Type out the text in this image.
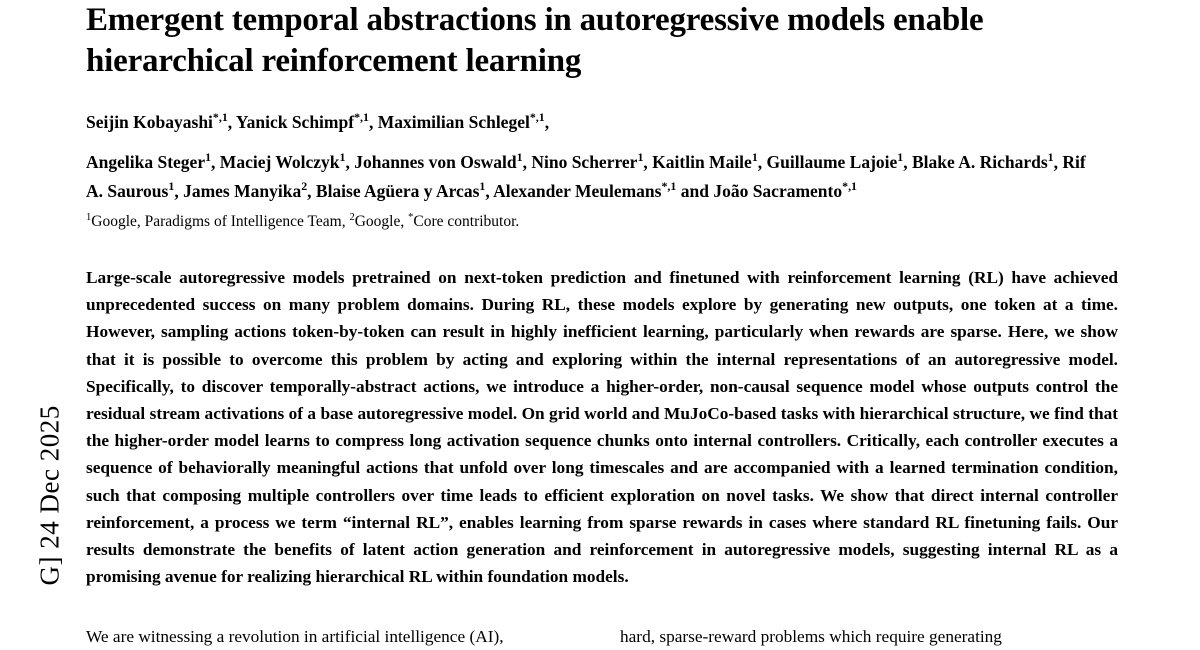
G] 24 Dec 2025
Emergent temporal abstractions in autoregressive models enable hierarchical reinforcement learning
Seijin Kobayashi$^{*,1}$, Yanick Schimpf$^{*,1}$, Maximilian Schlegel$^{*,1}$,
Angelika Steger$^1$, Maciej Wolczyk$^1$, Johannes von Oswald$^1$, Nino Scherrer$^1$, Kaitlin Maile$^1$, Guillaume Lajoie$^1$, Blake A. Richards$^1$, Rif A. Saurous$^1$, James Manyika$^2$, Blaise Agüera y Arcas$^1$, Alexander Meulemans$^{*,1}$ and João Sacramento$^{*,1}$
$^1$Google, Paradigms of Intelligence Team, $^2$Google, *Core contributor.
Large-scale autoregressive models pretrained on next-token prediction and finetuned with reinforcement learning (RL) have achieved unprecedented success on many problem domains. During RL, these models explore by generating new outputs, one token at a time. However, sampling actions token-by-token can result in highly inefficient learning, particularly when rewards are sparse. Here, we show that it is possible to overcome this problem by acting and exploring within the internal representations of an autoregressive model. Specifically, to discover temporally-abstract actions, we introduce a higher-order, non-causal sequence model whose outputs control the residual stream activations of a base autoregressive model. On grid world and MuJoCo-based tasks with hierarchical structure, we find that the higher-order model learns to compress long activation sequence chunks onto internal controllers. Critically, each controller executes a sequence of behaviorally meaningful actions that unfold over long timescales and are accompanied with a learned termination condition, such that composing multiple controllers over time leads to efficient exploration on novel tasks. We show that direct internal controller reinforcement, a process we term “internal RL”, enables learning from sparse rewards in cases where standard RL finetuning fails. Our results demonstrate the benefits of latent action generation and reinforcement in autoregressive models, suggesting internal RL as a promising avenue for realizing hierarchical RL within foundation models.
We are witnessing a revolution in artificial intelligence (AI),	hard, sparse-reward problems which require generating
